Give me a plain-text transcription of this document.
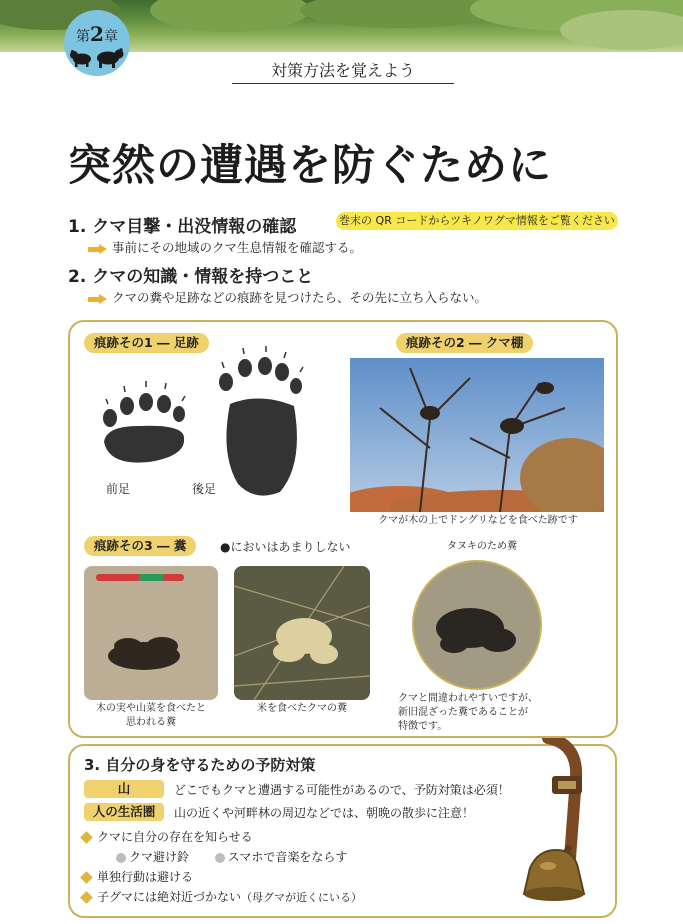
第2章
対策方法を覚えよう
突然の遭遇を防ぐために
1. クマ目撃・出没情報の確認	巻末の QR コードからツキノワグマ情報をご覧ください
事前にその地域のクマ生息情報を確認する。
2. クマの知識・情報を持つこと
クマの糞や足跡などの痕跡を見つけたら、その先に立ち入らない。
痕跡その1 ― 足跡
前足	後足
痕跡その2 ― クマ棚
クマが木の上でドングリなどを食べた跡です
痕跡その3 ― 糞	●においはあまりしない
木の実や山菜を食べたと
思われる糞
米を食べたクマの糞
タヌキのため糞
クマと間違われやすいですが、
新旧混ざった糞であることが
特徴です。
3. 自分の身を守るための予防対策
山	どこでもクマと遭遇する可能性があるので、予防対策は必須！
人の生活圏	山の近くや河畔林の周辺などでは、朝晩の散歩に注意！
クマに自分の存在を知らせる
クマ避け鈴	スマホで音楽をならす
単独行動は避ける
子グマには絶対近づかない（母グマが近くにいる）
